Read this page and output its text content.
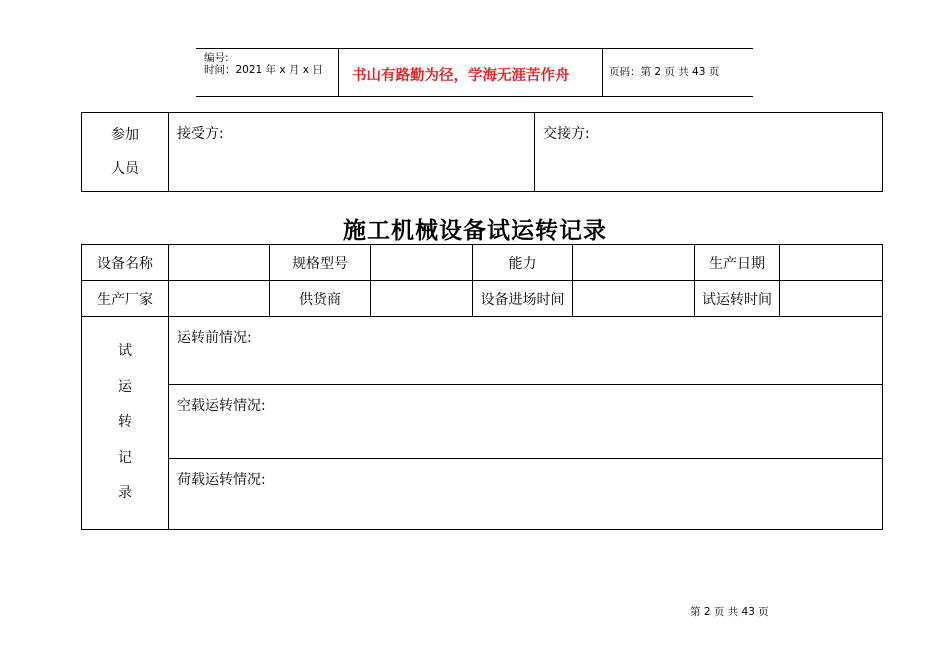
编号:
时间：2021 年 x 月 x 日 书山有路勤为径，学海无涯苦作舟	页码：第 2 页 共 43 页
参加
人员
	接受方:	交接方:
施工机械设备试运转记录
设备名称		规格型号		能力		生产日期	
生产厂家		供货商		设备进场时间		试运转时间	
试
运
转
记
录
	运转前情况:
空载运转情况:
荷载运转情况:
第 2 页 共 43 页
